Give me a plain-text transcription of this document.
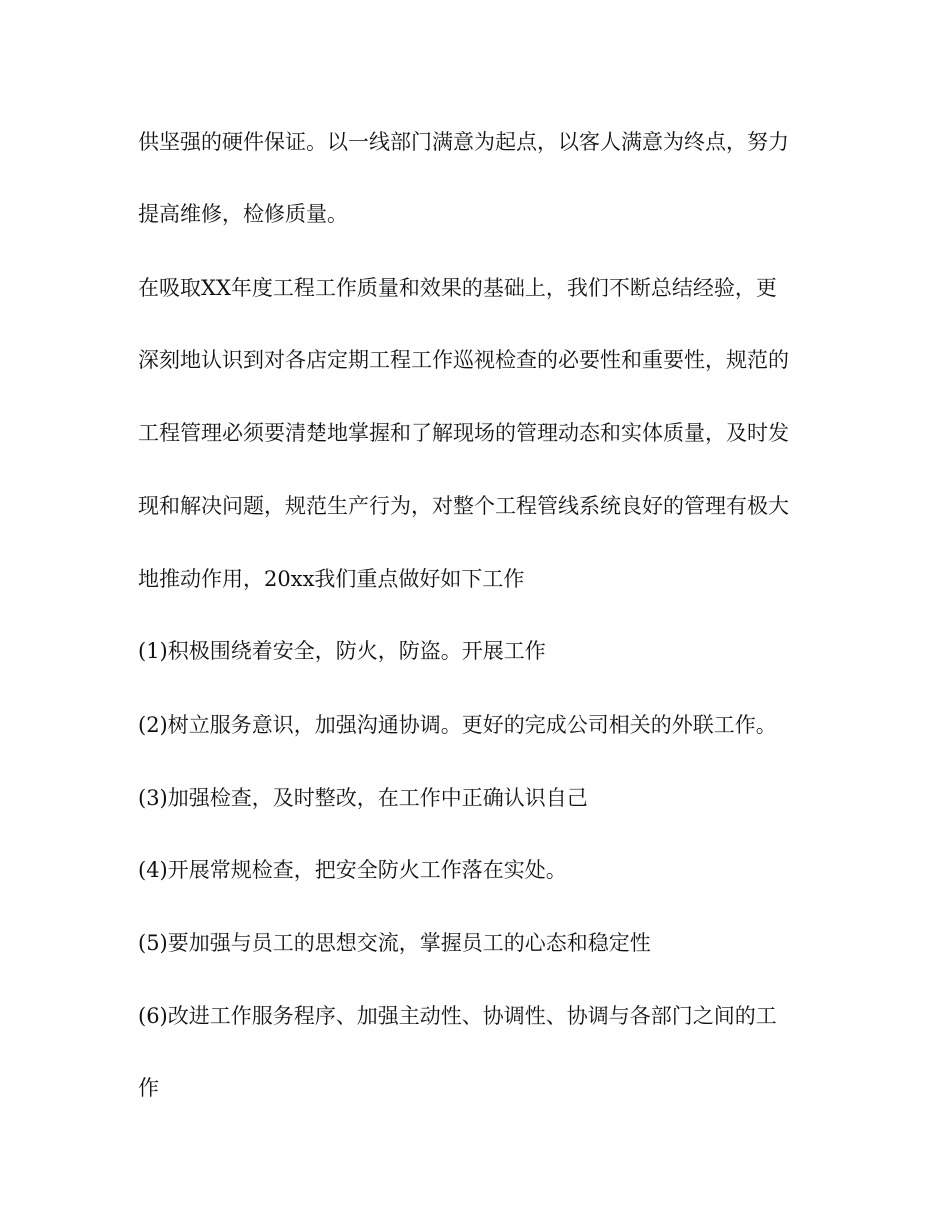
供坚强的硬件保证。以一线部门满意为起点，以客人满意为终点，努力

提高维修，检修质量。

在吸取XX年度工程工作质量和效果的基础上，我们不断总结经验，更

深刻地认识到对各店定期工程工作巡视检查的必要性和重要性，规范的

工程管理必须要清楚地掌握和了解现场的管理动态和实体质量，及时发

现和解决问题，规范生产行为，对整个工程管线系统良好的管理有极大

地推动作用，20xx我们重点做好如下工作

(1)积极围绕着安全，防火，防盗。开展工作

(2)树立服务意识，加强沟通协调。更好的完成公司相关的外联工作。

(3)加强检查，及时整改，在工作中正确认识自己

(4)开展常规检查，把安全防火工作落在实处。

(5)要加强与员工的思想交流，掌握员工的心态和稳定性

(6)改进工作服务程序、加强主动性、协调性、协调与各部门之间的工

作
